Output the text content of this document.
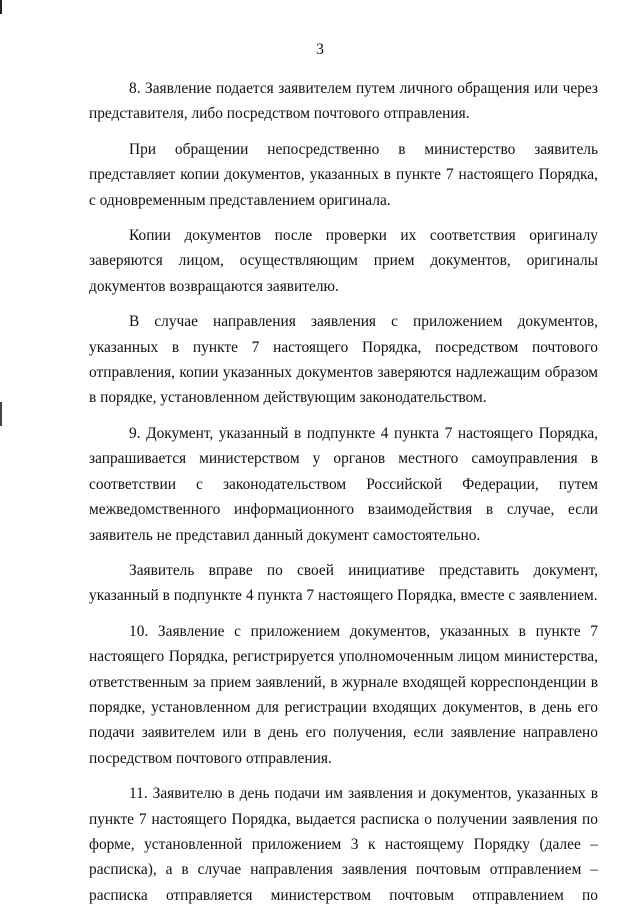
3

8. Заявление подается заявителем путем личного обращения или через представителя, либо посредством почтового отправления.

При обращении непосредственно в министерство заявитель представляет копии документов, указанных в пункте 7 настоящего Порядка, с одновременным представлением оригинала.

Копии документов после проверки их соответствия оригиналу заверяются лицом, осуществляющим прием документов, оригиналы документов возвращаются заявителю.

В случае направления заявления с приложением документов, указанных в пункте 7 настоящего Порядка, посредством почтового отправления, копии указанных документов заверяются надлежащим образом в порядке, установленном действующим законодательством.

9. Документ, указанный в подпункте 4 пункта 7 настоящего Порядка, запрашивается министерством у органов местного самоуправления в соответствии с законодательством Российской Федерации, путем межведомственного информационного взаимодействия в случае, если заявитель не представил данный документ самостоятельно.

Заявитель вправе по своей инициативе представить документ, указанный в подпункте 4 пункта 7 настоящего Порядка, вместе с заявлением.

10. Заявление с приложением документов, указанных в пункте 7 настоящего Порядка, регистрируется уполномоченным лицом министерства, ответственным за прием заявлений, в журнале входящей корреспонденции в порядке, установленном для регистрации входящих документов, в день его подачи заявителем или в день его получения, если заявление направлено посредством почтового отправления.

11. Заявителю в день подачи им заявления и документов, указанных в пункте 7 настоящего Порядка, выдается расписка о получении заявления по форме, установленной приложением 3 к настоящему Порядку (далее – расписка), а в случае направления заявления почтовым отправлением – расписка отправляется министерством почтовым отправлением по
